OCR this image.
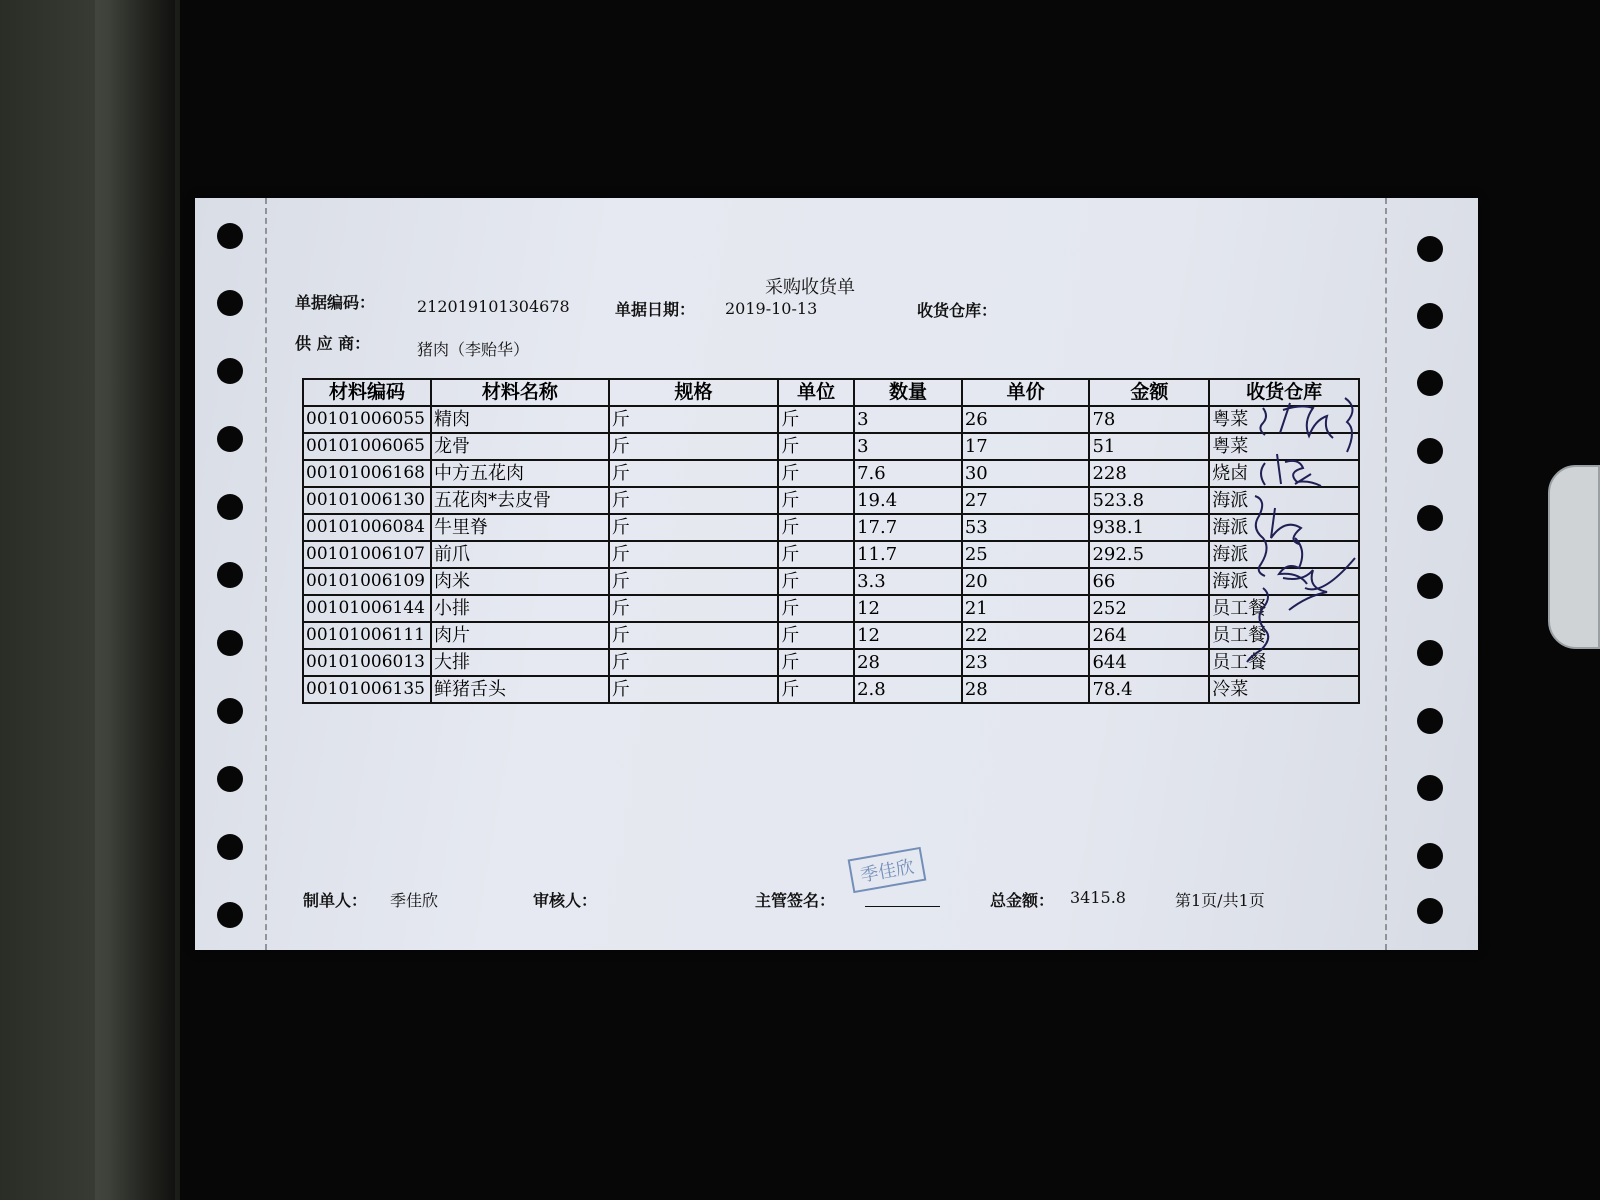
采购收货单
单据编码：	212019101304678	单据日期： 2019-10-13	收货仓库：
供 应 商：	猪肉（李贻华）
材料编码	材料名称	规格	单位	数量	单价	金额	收货仓库
00101006055	精肉	斤	斤	3	26	78	粤菜
00101006065	龙骨	斤	斤	3	17	51	粤菜
00101006168	中方五花肉	斤	斤	7.6	30	228	烧卤
00101006130	五花肉*去皮骨	斤	斤	19.4	27	523.8	海派
00101006084	牛里脊	斤	斤	17.7	53	938.1	海派
00101006107	前爪	斤	斤	11.7	25	292.5	海派
00101006109	肉米	斤	斤	3.3	20	66	海派
00101006144	小排	斤	斤	12	21	252	员工餐
00101006111	肉片	斤	斤	12	22	264	员工餐
00101006013	大排	斤	斤	28	23	644	员工餐
00101006135	鲜猪舌头	斤	斤	2.8	28	78.4	冷菜
季佳欣
制单人： 季佳欣	审核人：	主管签名：	总金额： 3415.8	第1页/共1页
